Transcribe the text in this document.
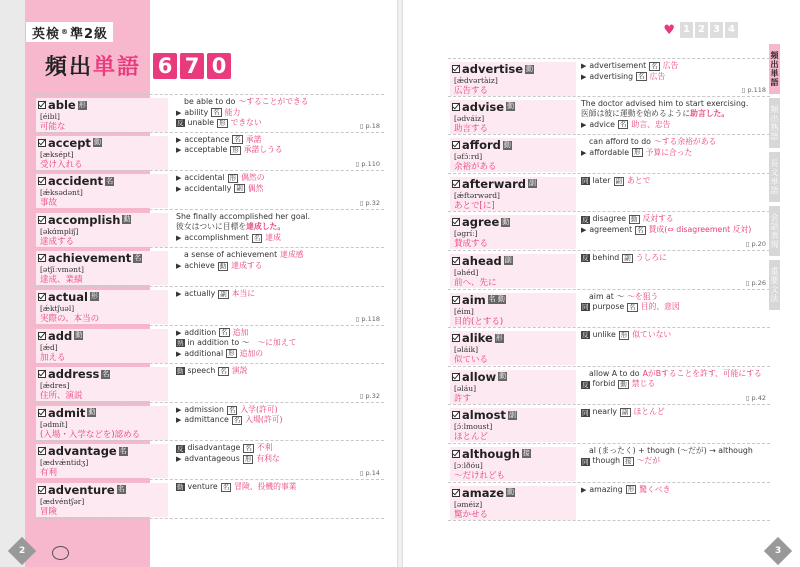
英検 ® 準2級
頻出 単語 6 7 0
able 形
[éibl]
可能な
be able to do 〜することができる
▶ ability 名 能力
反 unable 形 できない	▯ p.18
accept 動
[æksépt]
受け入れる
▶ acceptance 名 承諾
▶ acceptable 形 承諾しうる
▯ p.110
accident 名
[ǽksədənt]
事故
▶ accidental 形 偶然の
▶ accidentally 副 偶然
▯ p.32
accomplish 動
[əkɑ́mpliʃ]
達成する
She finally accomplished her goal.
彼女はついに目標を 達成した。
▶ accomplishment 名 達成
achievement 名
[ətʃíːvmənt]
達成、業績
a sense of achievement 達成感
▶ achieve 動 達成する
actual 形
[ǽktʃuəl]
実際の、本当の
▶ actually 副 本当に
▯ p.118
add 動
[ǽd]
加える
▶ addition 名 追加
熟 in addition to 〜 〜に加えて
▶ additional 形 追加の
address 名
[ǽdres]
住所、演説
動 speech 名 演説
▯ p.32
admit 動
[ədmít]
(入場・入学などを)認める
▶ admission 名 入学(許可)
▶ admittance 名 入場(許可)
advantage 名
[ædvǽntidʒ]
有利
反 disadvantage 名 不利
▶ advantageous 形 有利な
▯ p.14
adventure 名
[ædvéntʃər]
冒険
動 venture 名 冒険、投機的事業
2
♥ 1 2 3 4
advertise 動
[ǽdvərtàiz]
広告する
▶ advertisement 名 広告
▶ advertising 名 広告
▯ p.118
advise 動
[ədváiz]
助言する
The doctor advised him to start exercising.
医師は彼に運動を始めるように 助言した。
▶ advice 名 助言、忠告
afford 動
[əfɔ́ːrd]
余裕がある
can afford to do 〜する余裕がある
▶ affordable 形 予算に合った
afterward 副
[ǽftərwərd]
あとで[に]
同 later 副 あとで
agree 動
[əgríː]
賛成する
反 disagree 動 反対する
▶ agreement 名 賛成(⇔ disagreement 反対)
▯ p.20
ahead 副
[əhéd]
前へ、先に
反 behind 副 うしろに
▯ p.26
aim 名 動
[éim]
目的(とする)
aim at 〜 〜を狙う
同 purpose 名 目的、意図
alike 形
[əláik]
似ている
反 unlike 形 似ていない
allow 動
[əláu]
許す
allow A to do AがBすることを許す、可能にする
反 forbid 動 禁じる
▯ p.42
almost 副
[ɔ́ːlmoust]
ほとんど
同 nearly 副 ほとんど
although 接
[ɔːlðóu]
〜だけれども
al (まったく) + though (〜だが) → although
同 though 接 〜だが
amaze 動
[əméiz]
驚かせる
▶ amazing 形 驚くべき
頻出単語
頻出熟語
長文単語
会話表現
重要文法
3
